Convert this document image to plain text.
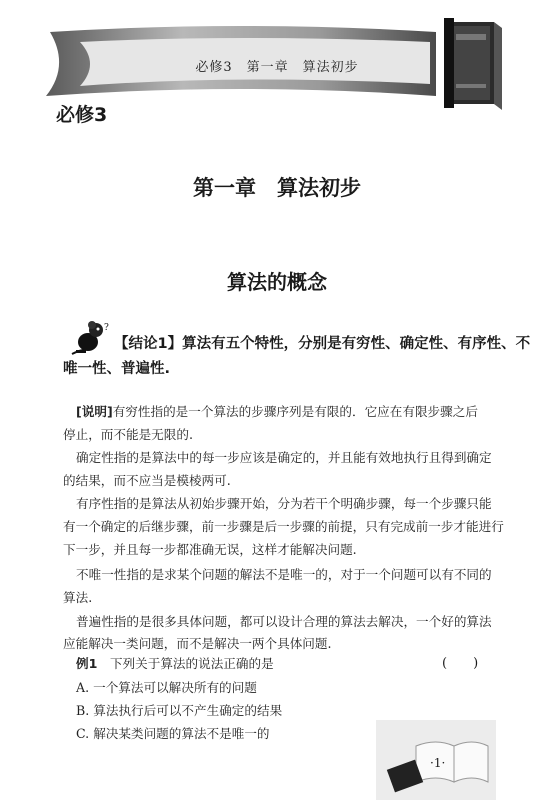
必修3　第一章　算法初步
必修3
第一章　算法初步
算法的概念
?
【结论1】算法有五个特性，分别是有穷性、确定性、有序性、不
唯一性、普遍性.
[说明]有穷性指的是一个算法的步骤序列是有限的．它应在有限步骤之后
停止，而不能是无限的.
确定性指的是算法中的每一步应该是确定的，并且能有效地执行且得到确定
的结果，而不应当是模棱两可.
有序性指的是算法从初始步骤开始，分为若干个明确步骤，每一个步骤只能
有一个确定的后继步骤，前一步骤是后一步骤的前提，只有完成前一步才能进行
下一步，并且每一步都准确无误，这样才能解决问题.
不唯一性指的是求某个问题的解法不是唯一的，对于一个问题可以有不同的
算法.
普遍性指的是很多具体问题，都可以设计合理的算法去解决，一个好的算法
应能解决一类问题，而不是解决一两个具体问题.
例1　 下列关于算法的说法正确的是	(　　)
A. 一个算法可以解决所有的问题
B. 算法执行后可以不产生确定的结果
C. 解决某类问题的算法不是唯一的
·1·
